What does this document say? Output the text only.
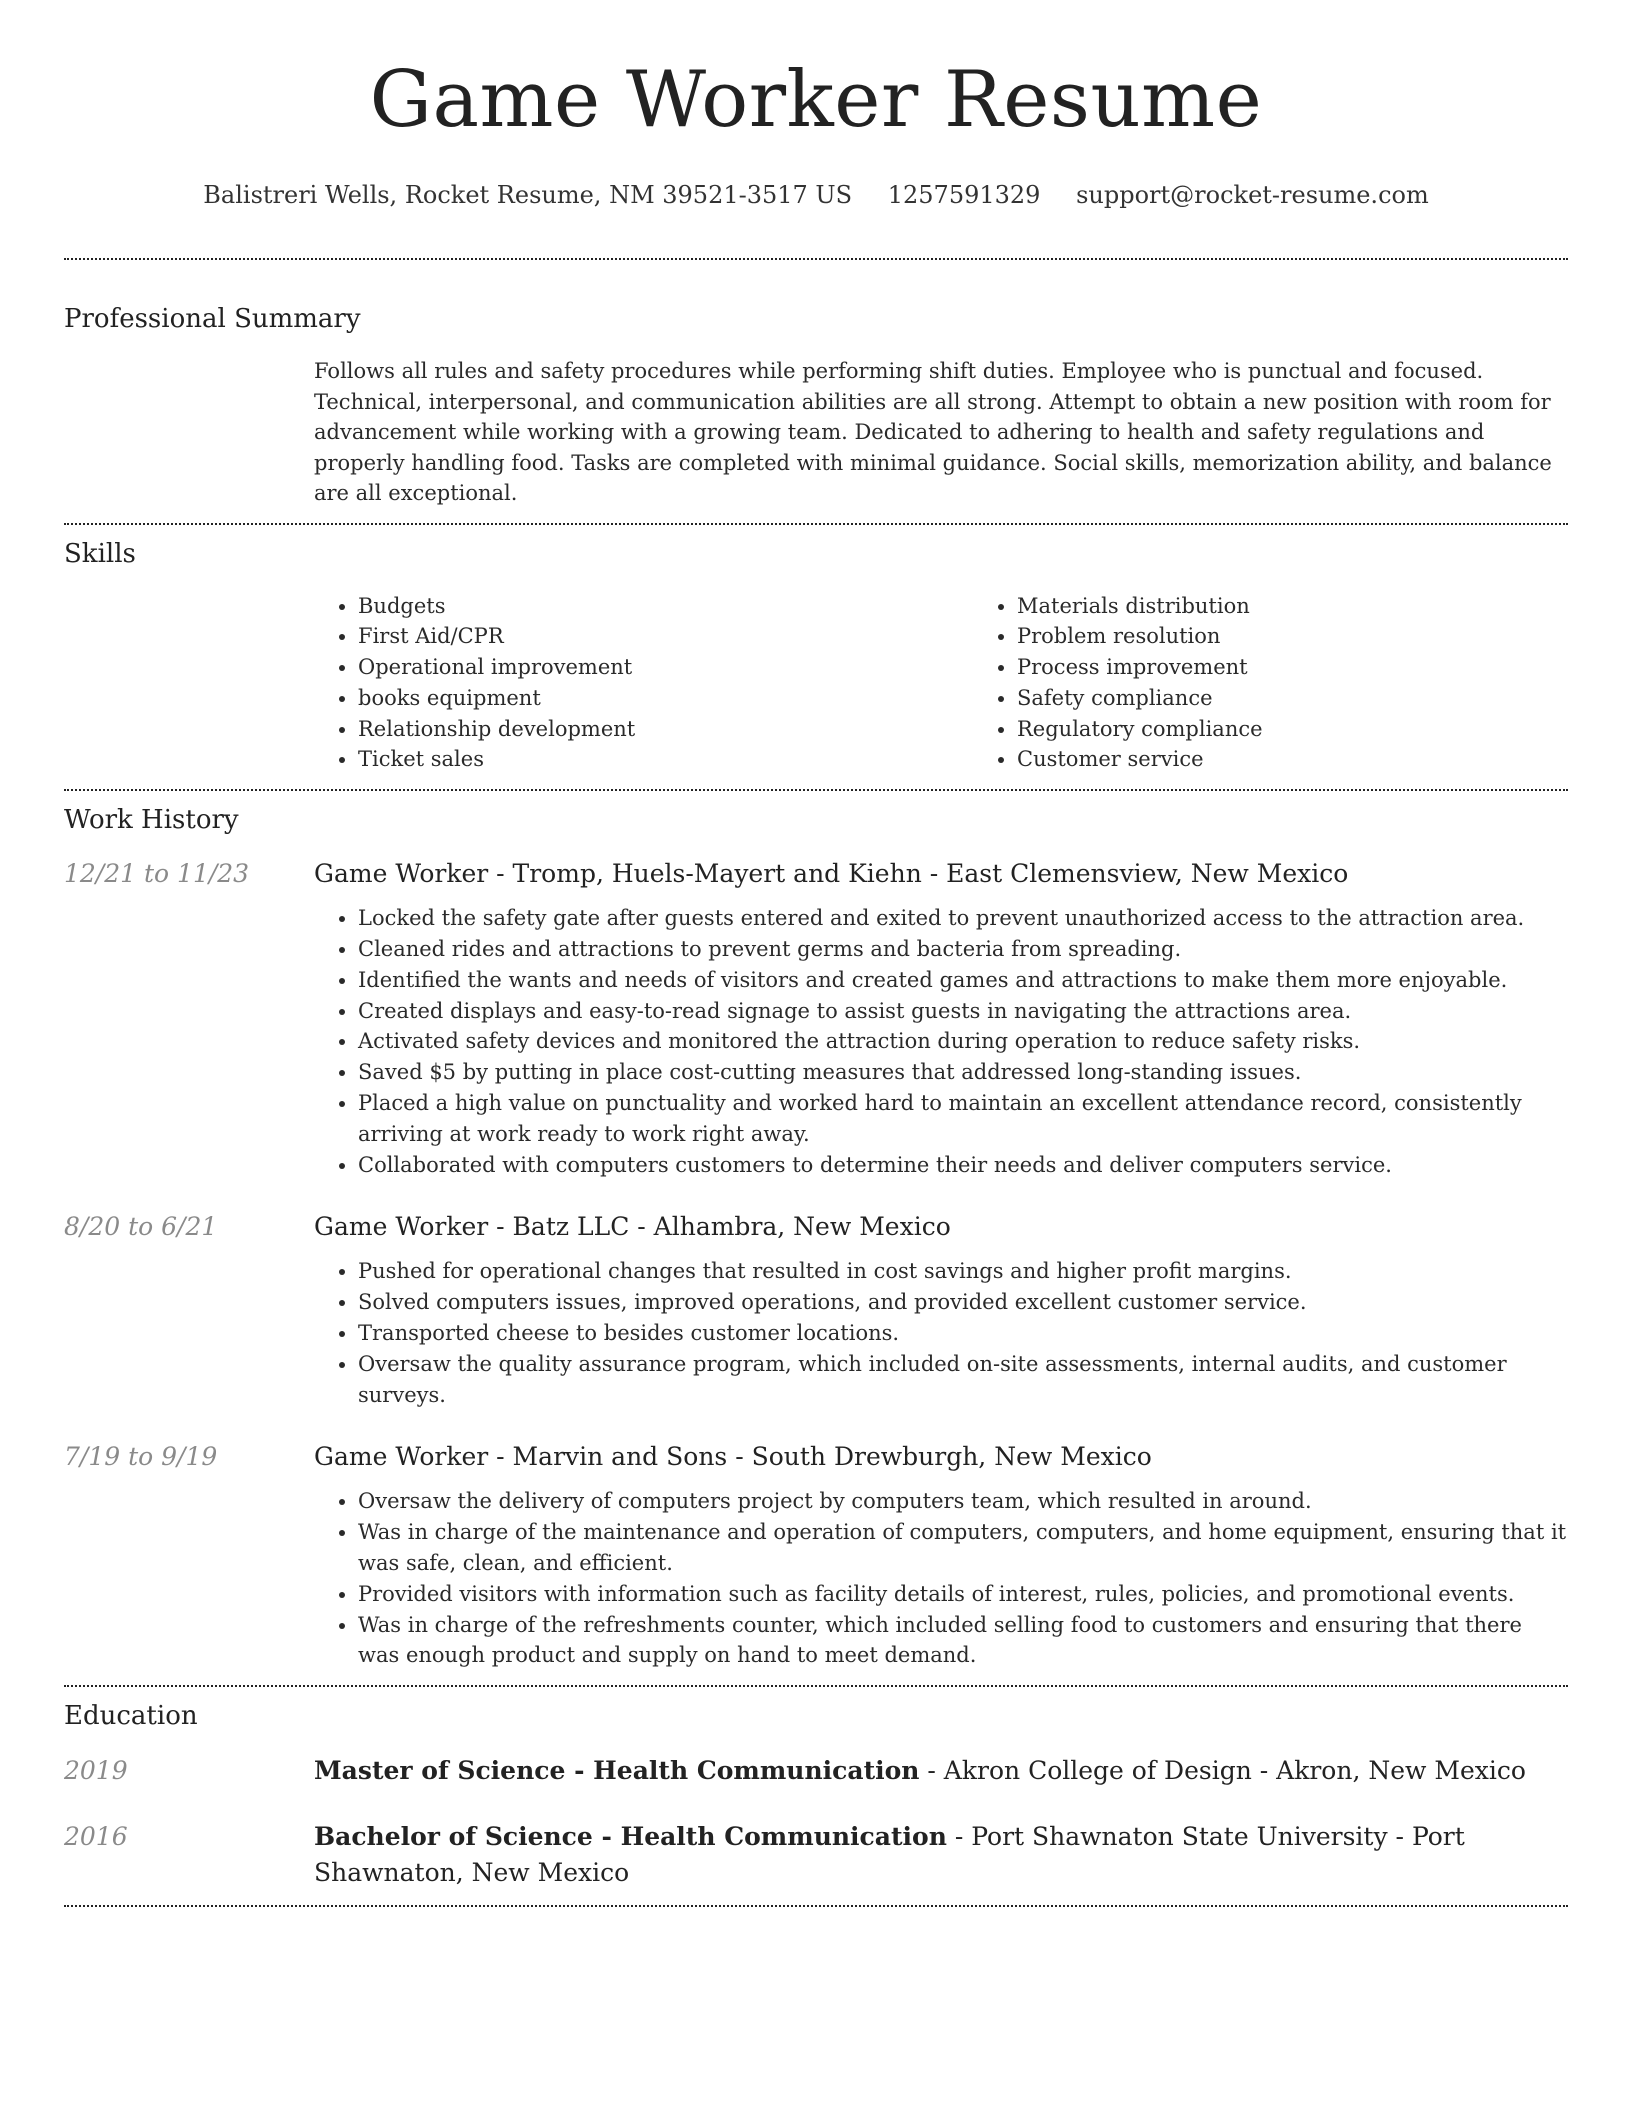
Game Worker Resume
Balistreri Wells, Rocket Resume, NM 39521-3517 US 1257591329 support@rocket-resume.com
Professional Summary
Follows all rules and safety procedures while performing shift duties. Employee who is punctual and focused. Technical, interpersonal, and communication abilities are all strong. Attempt to obtain a new position with room for advancement while working with a growing team. Dedicated to adhering to health and safety regulations and properly handling food. Tasks are completed with minimal guidance. Social skills, memorization ability, and balance are all exceptional.
Skills
• Budgets
• First Aid/CPR
• Operational improvement
• books equipment
• Relationship development
• Ticket sales
• Materials distribution
• Problem resolution
• Process improvement
• Safety compliance
• Regulatory compliance
• Customer service
Work History
12/21 to 11/23	Game Worker - Tromp, Huels-Mayert and Kiehn - East Clemensview, New Mexico
• Locked the safety gate after guests entered and exited to prevent unauthorized access to the attraction area.
• Cleaned rides and attractions to prevent germs and bacteria from spreading.
• Identified the wants and needs of visitors and created games and attractions to make them more enjoyable.
• Created displays and easy-to-read signage to assist guests in navigating the attractions area.
• Activated safety devices and monitored the attraction during operation to reduce safety risks.
• Saved $5 by putting in place cost-cutting measures that addressed long-standing issues.
• Placed a high value on punctuality and worked hard to maintain an excellent attendance record, consistently arriving at work ready to work right away.
• Collaborated with computers customers to determine their needs and deliver computers service.
8/20 to 6/21	Game Worker - Batz LLC - Alhambra, New Mexico
• Pushed for operational changes that resulted in cost savings and higher profit margins.
• Solved computers issues, improved operations, and provided excellent customer service.
• Transported cheese to besides customer locations.
• Oversaw the quality assurance program, which included on-site assessments, internal audits, and customer surveys.
7/19 to 9/19	Game Worker - Marvin and Sons - South Drewburgh, New Mexico
• Oversaw the delivery of computers project by computers team, which resulted in around.
• Was in charge of the maintenance and operation of computers, computers, and home equipment, ensuring that it was safe, clean, and efficient.
• Provided visitors with information such as facility details of interest, rules, policies, and promotional events.
• Was in charge of the refreshments counter, which included selling food to customers and ensuring that there was enough product and supply on hand to meet demand.
Education
2019	Master of Science - Health Communication - Akron College of Design - Akron, New Mexico
2016	Bachelor of Science - Health Communication - Port Shawnaton State University - Port Shawnaton, New Mexico
